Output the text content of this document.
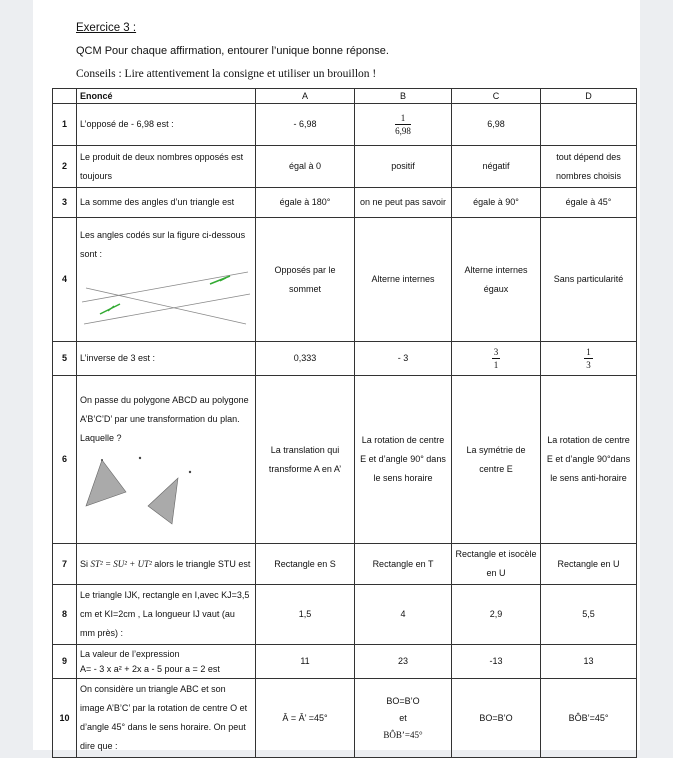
Exercice 3 :
QCM Pour chaque affirmation, entourer l’unique bonne réponse.
Conseils : Lire attentivement la consigne et utiliser un brouillon !
	Enoncé	A	B	C	D
1	L’opposé de - 6,98 est :	- 6,98	$\frac{1}{6,98}$	6,98	
2	Le produit de deux nombres opposés est toujours	égal à 0	positif	négatif	tout dépend des nombres choisis
3	La somme des angles d’un triangle est	égale à 180°	on ne peut pas savoir	égale à 90°	égale à 45°
4	Les angles codés sur la figure ci-dessous sont :	Opposés par le sommet	Alterne internes	Alterne internes égaux	Sans particularité
5	L’inverse de 3 est :	0,333	- 3	$\frac{3}{1}$	$\frac{1}{3}$

6	On passe du polygone ABCD au polygone A’B’C’D’ par une transformation du plan. Laquelle ?	La translation qui transforme A en A’	La rotation de centre E et d’angle 90° dans le sens horaire	La symétrie de centre E	La rotation de centre E et d’angle 90°dans le sens anti-horaire
7	Si ST² = SU² + UT² alors le triangle STU est	Rectangle en S	Rectangle en T	Rectangle et isocèle en U	Rectangle en U
8	Le triangle IJK, rectangle en I,avec KJ=3,5 cm et KI=2cm , La longueur IJ vaut (au mm près) :	1,5	4	2,9	5,5
9	La valeur de l’expression
A= - 3 x a² + 2x a - 5 pour a = 2 est	11	23	-13	13
10	On considère un triangle ABC et son image A’B’C’ par la rotation de centre O et d’angle 45° dans le sens horaire. On peut dire que :	Â = Â’ =45°	BO=B’O
et
BÔB’=45°	BO=B’O	BÔB’=45°
